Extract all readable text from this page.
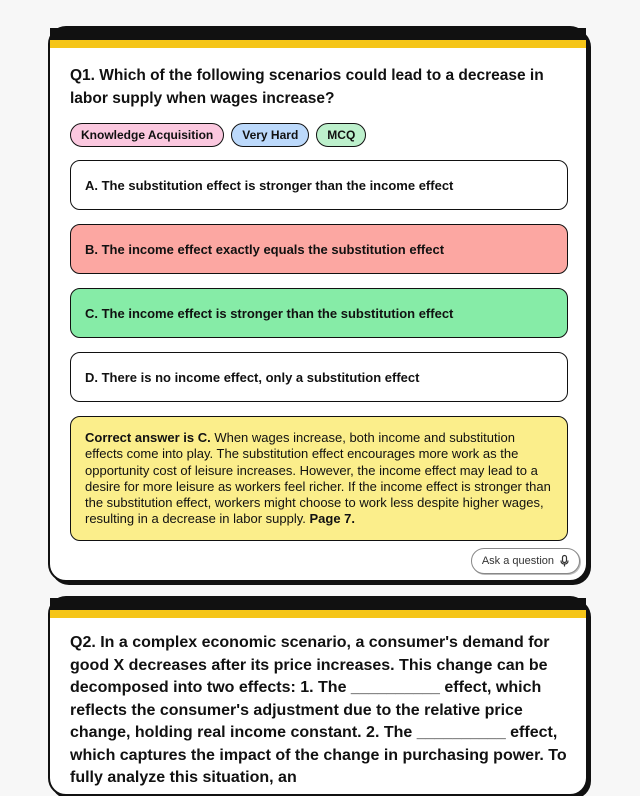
Q1. Which of the following scenarios could lead to a decrease in labor supply when wages increase?
Knowledge Acquisition	Very Hard	MCQ
A. The substitution effect is stronger than the income effect
B. The income effect exactly equals the substitution effect
C. The income effect is stronger than the substitution effect
D. There is no income effect, only a substitution effect
Correct answer is C. When wages increase, both income and substitution effects come into play. The substitution effect encourages more work as the opportunity cost of leisure increases. However, the income effect may lead to a desire for more leisure as workers feel richer. If the income effect is stronger than the substitution effect, workers might choose to work less despite higher wages, resulting in a decrease in labor supply. Page 7.
Ask a question
Q2. In a complex economic scenario, a consumer's demand for good X decreases after its price increases. This change can be decomposed into two effects: 1. The __________ effect, which reflects the consumer's adjustment due to the relative price change, holding real income constant. 2. The __________ effect, which captures the impact of the change in purchasing power. To fully analyze this situation, an
